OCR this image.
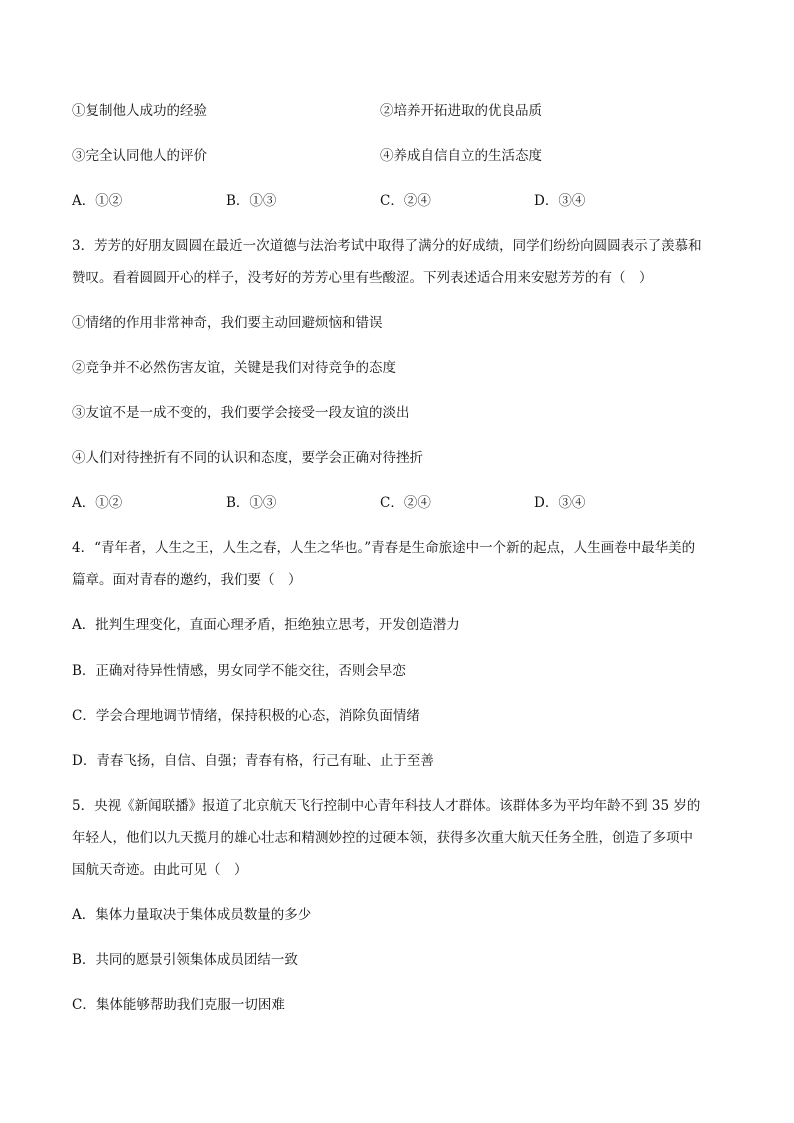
①复制他人成功的经验	②培养开拓进取的优良品质
③完全认同他人的评价	④养成自信自立的生活态度
A．①②	B．①③	C．②④	D．③④
3．芳芳的好朋友圆圆在最近一次道德与法治考试中取得了满分的好成绩，同学们纷纷向圆圆表示了羡慕和
赞叹。看着圆圆开心的样子，没考好的芳芳心里有些酸涩。下列表述适合用来安慰芳芳的有（　）
①情绪的作用非常神奇，我们要主动回避烦恼和错误
②竞争并不必然伤害友谊，关键是我们对待竞争的态度
③友谊不是一成不变的，我们要学会接受一段友谊的淡出
④人们对待挫折有不同的认识和态度，要学会正确对待挫折
A．①②	B．①③	C．②④	D．③④
4．“青年者，人生之王，人生之春，人生之华也。”青春是生命旅途中一个新的起点，人生画卷中最华美的
篇章。面对青春的邀约，我们要（　）
A．批判生理变化，直面心理矛盾，拒绝独立思考，开发创造潜力
B．正确对待异性情感，男女同学不能交往，否则会早恋
C．学会合理地调节情绪，保持积极的心态，消除负面情绪
D．青春飞扬，自信、自强；青春有格，行己有耻、止于至善
5．央视《新闻联播》报道了北京航天飞行控制中心青年科技人才群体。该群体多为平均年龄不到 35 岁的
年轻人，他们以九天揽月的雄心壮志和精测妙控的过硬本领，获得多次重大航天任务全胜，创造了多项中
国航天奇迹。由此可见（　）
A．集体力量取决于集体成员数量的多少
B．共同的愿景引领集体成员团结一致
C．集体能够帮助我们克服一切困难
